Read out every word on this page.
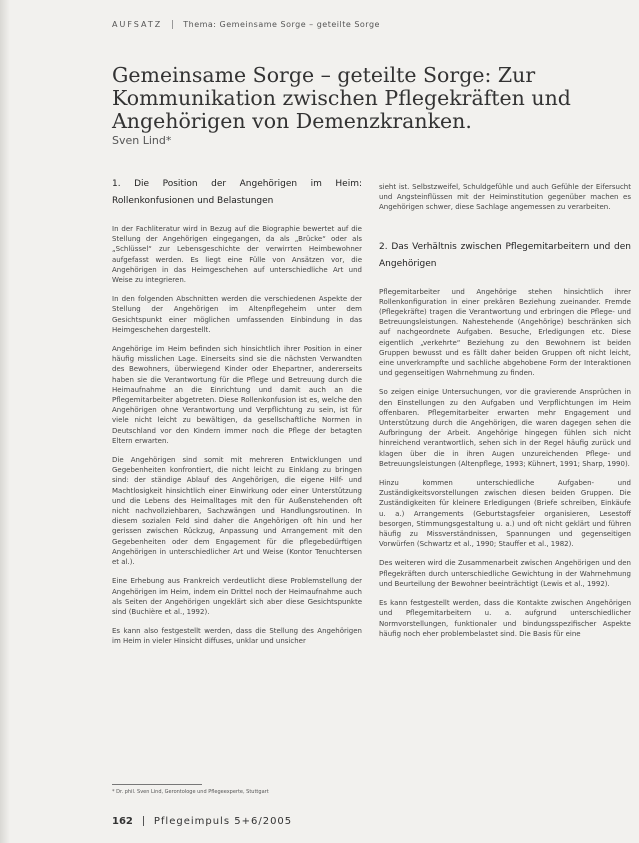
AUFSATZ	Thema: Gemeinsame Sorge – geteilte Sorge
Gemeinsame Sorge – geteilte Sorge: Zur Kommunikation zwischen Pflegekräften und Angehörigen von Demenzkranken.
Sven Lind*
1. Die Position der Angehörigen im Heim: Rollenkonfusionen und Belastungen

In der Fachliteratur wird in Bezug auf die Biographie bewertet auf die Stellung der Angehörigen eingegangen, da als „Brücke“ oder als „Schlüssel“ zur Lebensgeschichte der verwirrten Heimbewohner aufgefasst werden. Es liegt eine Fülle von Ansätzen vor, die Angehörigen in das Heimgeschehen auf unterschiedliche Art und Weise zu integrieren.

In den folgenden Abschnitten werden die verschiedenen Aspekte der Stellung der Angehörigen im Altenpflegeheim unter dem Gesichtspunkt einer möglichen umfassenden Einbindung in das Heimgeschehen dargestellt.

Angehörige im Heim befinden sich hinsichtlich ihrer Position in einer häufig misslichen Lage. Einerseits sind sie die nächsten Verwandten des Bewohners, überwiegend Kinder oder Ehepartner, andererseits haben sie die Verantwortung für die Pflege und Betreuung durch die Heimaufnahme an die Einrichtung und damit auch an die Pflegemitarbeiter abgetreten. Diese Rollenkonfusion ist es, welche den Angehörigen ohne Verantwortung und Verpflichtung zu sein, ist für viele nicht leicht zu bewältigen, da gesellschaftliche Normen in Deutschland vor den Kindern immer noch die Pflege der betagten Eltern erwarten.

Die Angehörigen sind somit mit mehreren Entwicklungen und Gegebenheiten konfrontiert, die nicht leicht zu Einklang zu bringen sind: der ständige Ablauf des Angehörigen, die eigene Hilf- und Machtlosigkeit hinsichtlich einer Einwirkung oder einer Unterstützung und die Lebens des Heimalltages mit den für Außenstehenden oft nicht nachvollziehbaren, Sachzwängen und Handlungsroutinen. In diesem sozialen Feld sind daher die Angehörigen oft hin und her gerissen zwischen Rückzug, Anpassung und Arrangement mit den Gegebenheiten oder dem Engagement für die pflegebedürftigen Angehörigen in unterschiedlicher Art und Weise (Kontor Tenuchtersen et al.).

Eine Erhebung aus Frankreich verdeutlicht diese Problemstellung der Angehörigen im Heim, indem ein Drittel noch der Heimaufnahme auch als Seiten der Angehörigen ungeklärt sich aber diese Gesichtspunkte sind (Buchière et al., 1992).

Es kann also festgestellt werden, dass die Stellung des Angehörigen im Heim in vieler Hinsicht diffuses, unklar und unsicher

sieht ist. Selbstzweifel, Schuldgefühle und auch Gefühle der Eifersucht und Angsteinflüssen mit der Heiminstitution gegenüber machen es Angehörigen schwer, diese Sachlage angemessen zu verarbeiten.

2. Das Verhältnis zwischen Pflegemitarbeitern und den Angehörigen

Pflegemitarbeiter und Angehörige stehen hinsichtlich ihrer Rollenkonfiguration in einer prekären Beziehung zueinander. Fremde (Pflegekräfte) tragen die Verantwortung und erbringen die Pflege- und Betreuungsleistungen. Nahestehende (Angehörige) beschränken sich auf nachgeordnete Aufgaben. Besuche, Erledigungen etc. Diese eigentlich „verkehrte“ Beziehung zu den Bewohnern ist beiden Gruppen bewusst und es fällt daher beiden Gruppen oft nicht leicht, eine unverkrampfte und sachliche abgehobene Form der Interaktionen und gegenseitigen Wahrnehmung zu finden.

So zeigen einige Untersuchungen, vor die gravierende Ansprüchen in den Einstellungen zu den Aufgaben und Verpflichtungen im Heim offenbaren. Pflegemitarbeiter erwarten mehr Engagement und Unterstützung durch die Angehörigen, die waren dagegen sehen die Aufbringung der Arbeit. Angehörige hingegen fühlen sich nicht hinreichend verantwortlich, sehen sich in der Regel häufig zurück und klagen über die in ihren Augen unzureichenden Pflege- und Betreuungsleistungen (Altenpflege, 1993; Kühnert, 1991; Sharp, 1990).

Hinzu kommen unterschiedliche Aufgaben- und Zuständigkeitsvorstellungen zwischen diesen beiden Gruppen. Die Zuständigkeiten für kleinere Erledigungen (Briefe schreiben, Einkäufe u. a.) Arrangements (Geburtstagsfeier organisieren, Lesestoff besorgen, Stimmungsgestaltung u. a.) und oft nicht geklärt und führen häufig zu Missverständnissen, Spannungen und gegenseitigen Vorwürfen (Schwartz et al., 1990; Stauffer et al., 1982).

Des weiteren wird die Zusammenarbeit zwischen Angehörigen und den Pflegekräften durch unterschiedliche Gewichtung in der Wahrnehmung und Beurteilung der Bewohner beeinträchtigt (Lewis et al., 1992).

Es kann festgestellt werden, dass die Kontakte zwischen Angehörigen und Pflegemitarbeitern u. a. aufgrund unterschiedlicher Normvorstellungen, funktionaler und bindungsspezifischer Aspekte häufig noch eher problembelastet sind. Die Basis für eine

* Dr. phil. Sven Lind, Gerontologe und Pflegeexperte, Stuttgart
162 Pflegeimpuls 5+6/2005
